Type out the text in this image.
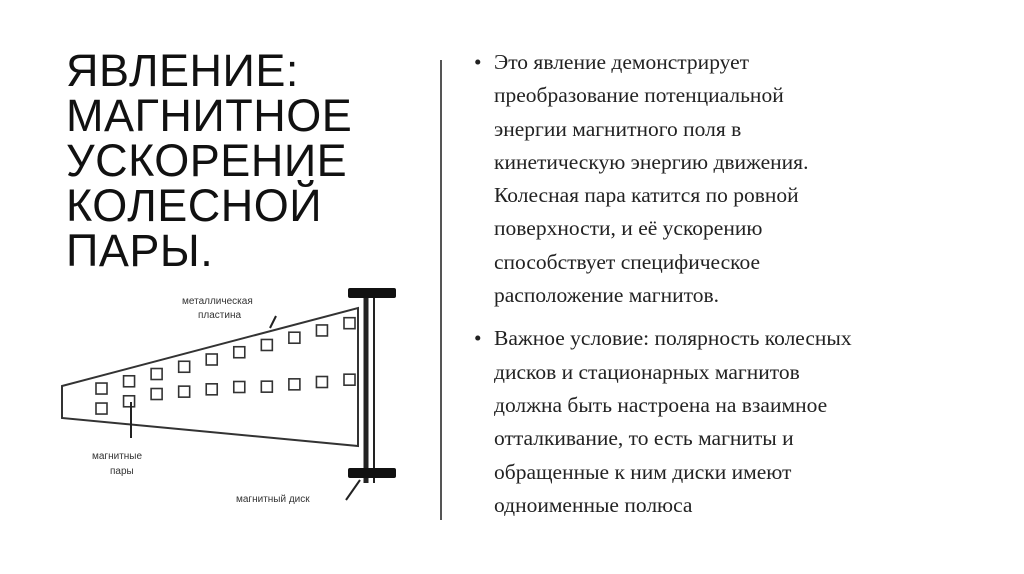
ЯВЛЕНИЕ:
МАГНИТНОЕ
УСКОРЕНИЕ
КОЛЕСНОЙ
ПАРЫ.
• Это явление демонстрирует
преобразование потенциальной
энергии магнитного поля в
кинетическую энергию движения.
Колесная пара катится по ровной
поверхности, и её ускорению
способствует специфическое
расположение магнитов.
• Важное условие: полярность колесных
дисков и стационарных магнитов
должна быть настроена на взаимное
отталкивание, то есть магниты и
обращенные к ним диски имеют
одноименные полюса
металлическая
пластина
магнитные
пары
магнитный диск
